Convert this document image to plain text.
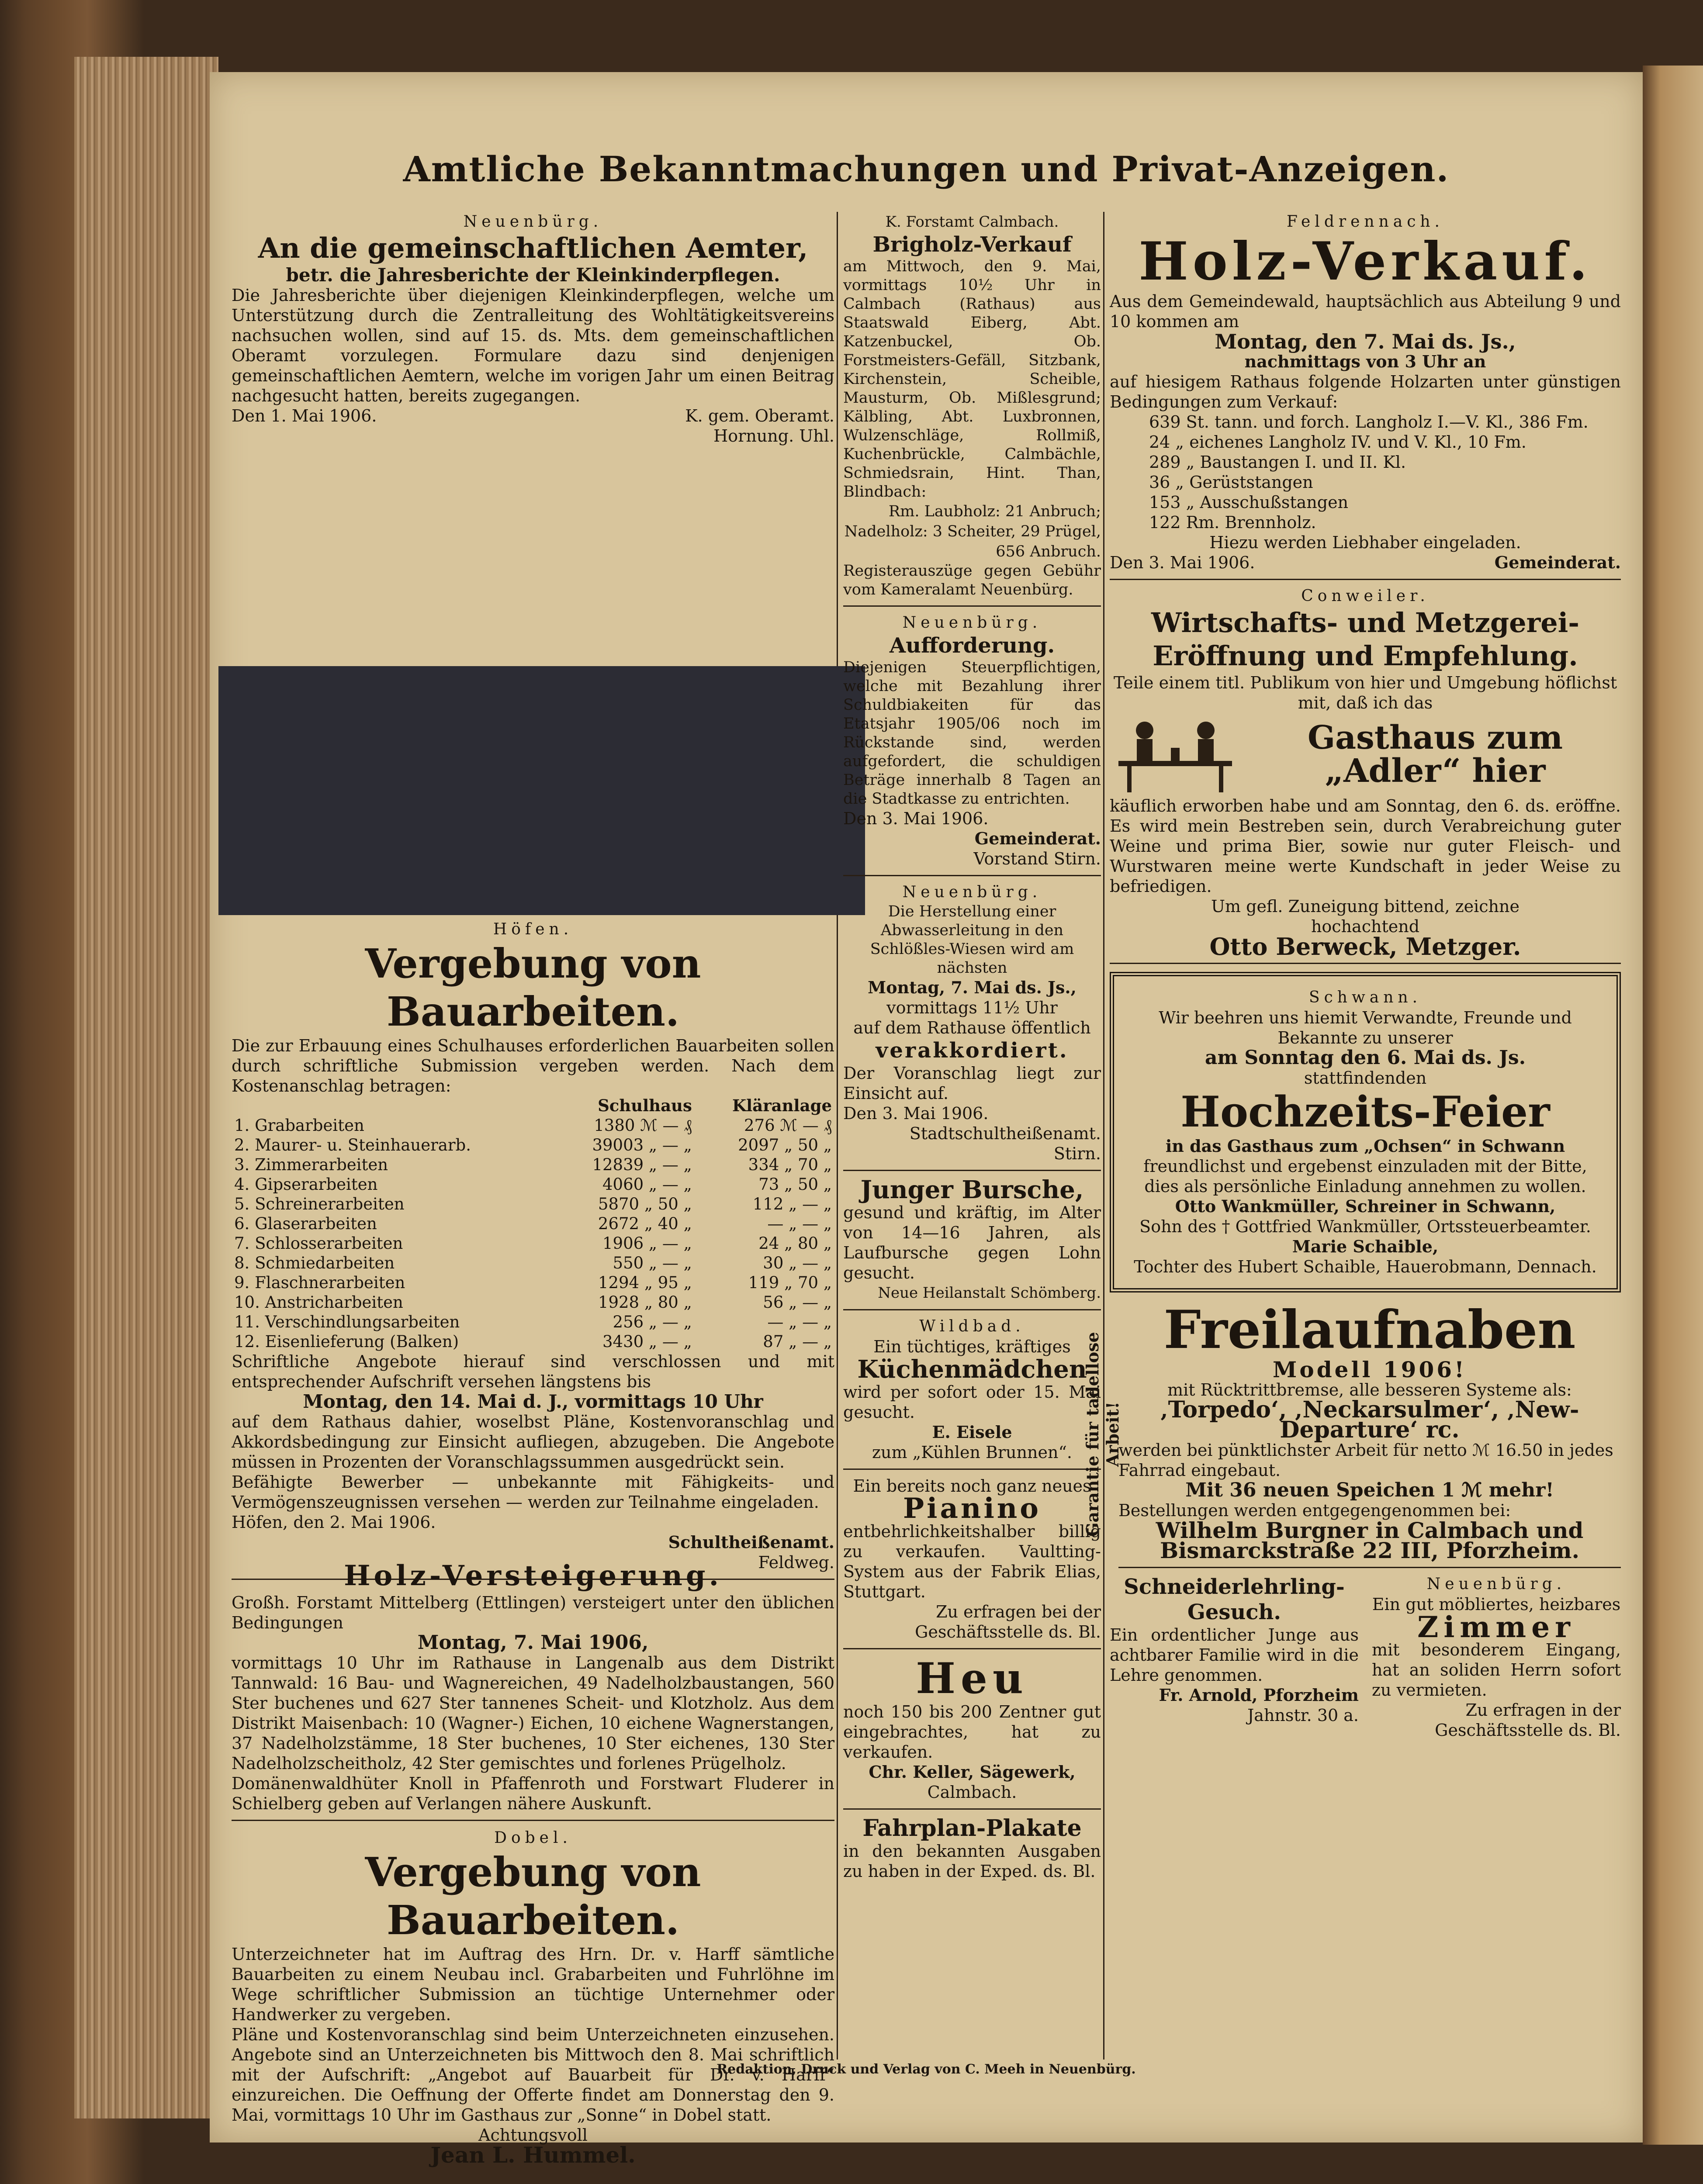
Amtliche Bekanntmachungen und Privat-Anzeigen.
Neuenbürg.
An die gemeinschaftlichen Aemter,
betr. die Jahresberichte der Kleinkinderpflegen.

Die Jahresberichte über diejenigen Kleinkinderpflegen, welche um Unterstützung durch die Zentralleitung des Wohltätigkeitsvereins nachsuchen wollen, sind auf 15. ds. Mts. dem gemeinschaftlichen Oberamt vorzulegen. Formulare dazu sind denjenigen gemeinschaftlichen Aemtern, welche im vorigen Jahr um einen Beitrag nachgesucht hatten, bereits zugegangen.

Den 1. Mai 1906.	K. gem. Oberamt.
Hornung. Uhl.
Höfen.
Vergebung von Bauarbeiten.

Die zur Erbauung eines Schulhauses erforderlichen Bauarbeiten sollen durch schriftliche Submission vergeben werden. Nach dem Kostenanschlag betragen:

	Schulhaus	Kläranlage
1. Grabarbeiten	1380 ℳ — ₰	276 ℳ — ₰
2. Maurer- u. Steinhauerarb.	39003 „ — „	2097 „ 50 „
3. Zimmerarbeiten	12839 „ — „	334 „ 70 „
4. Gipserarbeiten	4060 „ — „	73 „ 50 „
5. Schreinerarbeiten	5870 „ 50 „	112 „ — „
6. Glaserarbeiten	2672 „ 40 „	— „ — „
7. Schlosserarbeiten	1906 „ — „	24 „ 80 „
8. Schmiedarbeiten	550 „ — „	30 „ — „
9. Flaschnerarbeiten	1294 „ 95 „	119 „ 70 „
10. Anstricharbeiten	1928 „ 80 „	56 „ — „
11. Verschindlungsarbeiten	256 „ — „	— „ — „
12. Eisenlieferung (Balken)	3430 „ — „	87 „ — „

Schriftliche Angebote hierauf sind verschlossen und mit entsprechender Aufschrift versehen längstens bis

Montag, den 14. Mai d. J., vormittags 10 Uhr

auf dem Rathaus dahier, woselbst Pläne, Kostenvoranschlag und Akkordsbedingung zur Einsicht aufliegen, abzugeben. Die Angebote müssen in Prozenten der Voranschlagssummen ausgedrückt sein.

Befähigte Bewerber — unbekannte mit Fähigkeits- und Vermögenszeugnissen versehen — werden zur Teilnahme eingeladen.

Höfen, den 2. Mai 1906.
Schultheißenamt.
Feldweg.
Holz-Versteigerung.

Großh. Forstamt Mittelberg (Ettlingen) versteigert unter den üblichen Bedingungen

Montag, 7. Mai 1906,

vormittags 10 Uhr im Rathause in Langenalb aus dem Distrikt Tannwald: 16 Bau- und Wagnereichen, 49 Nadelholzbaustangen, 560 Ster buchenes und 627 Ster tannenes Scheit- und Klotzholz. Aus dem Distrikt Maisenbach: 10 (Wagner-) Eichen, 10 eichene Wagnerstangen, 37 Nadelholzstämme, 18 Ster buchenes, 10 Ster eichenes, 130 Ster Nadelholzscheitholz, 42 Ster gemischtes und forlenes Prügelholz.

Domänenwaldhüter Knoll in Pfaffenroth und Forstwart Fluderer in Schielberg geben auf Verlangen nähere Auskunft.

Dobel.
Vergebung von Bauarbeiten.

Unterzeichneter hat im Auftrag des Hrn. Dr. v. Harff sämtliche Bauarbeiten zu einem Neubau incl. Grabarbeiten und Fuhrlöhne im Wege schriftlicher Submission an tüchtige Unternehmer oder Handwerker zu vergeben.

Pläne und Kostenvoranschlag sind beim Unterzeichneten einzusehen. Angebote sind an Unterzeichneten bis Mittwoch den 8. Mai schriftlich mit der Aufschrift: „Angebot auf Bauarbeit für Dr. v. Harff“ einzureichen. Die Oeffnung der Offerte findet am Donnerstag den 9. Mai, vormittags 10 Uhr im Gasthaus zur „Sonne“ in Dobel statt.

Achtungsvoll
Jean L. Hummel.
K. Forstamt Calmbach.
Brigholz-Verkauf

am Mittwoch, den 9. Mai, vormittags 10½ Uhr in Calmbach (Rathaus) aus Staatswald Eiberg, Abt. Katzenbuckel, Ob. Forstmeisters-Gefäll, Sitzbank, Kirchenstein, Scheible, Mausturm, Ob. Mißlesgrund; Kälbling, Abt. Luxbronnen, Wulzenschläge, Rollmiß, Kuchenbrückle, Calmbächle, Schmiedsrain, Hint. Than, Blindbach:

Rm. Laubholz: 21 Anbruch;
Nadelholz: 3 Scheiter, 29 Prügel, 656 Anbruch.

Registerauszüge gegen Gebühr vom Kameralamt Neuenbürg.

Neuenbürg.
Aufforderung.

Diejenigen Steuerpflichtigen, welche mit Bezahlung ihrer Schuldbiakeiten für das Etatsjahr 1905/06 noch im Rückstande sind, werden aufgefordert, die schuldigen Beträge innerhalb 8 Tagen an die Stadtkasse zu entrichten.

Den 3. Mai 1906.
Gemeinderat.
Vorstand Stirn.
Neuenbürg.

Die Herstellung einer Abwasserleitung in den Schlößles-Wiesen wird am nächsten

Montag, 7. Mai ds. Js.,
vormittags 11½ Uhr
auf dem Rathause öffentlich
verakkordiert.

Der Voranschlag liegt zur Einsicht auf.

Den 3. Mai 1906.
Stadtschultheißenamt.
Stirn.
Junger Bursche,

gesund und kräftig, im Alter von 14—16 Jahren, als Laufbursche gegen Lohn gesucht.

Neue Heilanstalt Schömberg.
Wildbad.
Ein tüchtiges, kräftiges
Küchenmädchen

wird per sofort oder 15. Mai gesucht.

E. Eisele
zum „Kühlen Brunnen“.
Ein bereits noch ganz neues
Pianino

entbehrlichkeitshalber billig zu verkaufen. Vaultting-System aus der Fabrik Elias, Stuttgart.

Zu erfragen bei der Geschäftsstelle ds. Bl.

Heu

noch 150 bis 200 Zentner gut eingebrachtes, hat zu verkaufen.

Chr. Keller, Sägewerk,
Calmbach.
Fahrplan-Plakate

in den bekannten Ausgaben zu haben in der Exped. ds. Bl.

Feldrennach.
Holz-Verkauf.

Aus dem Gemeindewald, hauptsächlich aus Abteilung 9 und 10 kommen am

Montag, den 7. Mai ds. Js.,
nachmittags von 3 Uhr an

auf hiesigem Rathaus folgende Holzarten unter günstigen Bedingungen zum Verkauf:

639 St. tann. und forch. Langholz I.—V. Kl., 386 Fm.
24 „ eichenes Langholz IV. und V. Kl., 10 Fm.
289 „ Baustangen I. und II. Kl.
36 „ Gerüststangen
153 „ Ausschußstangen
122 Rm. Brennholz.
Hiezu werden Liebhaber eingeladen.
Den 3. Mai 1906.	Gemeinderat.
Conweiler.
Wirtschafts- und Metzgerei-Eröffnung und Empfehlung.

Teile einem titl. Publikum von hier und Umgebung höflichst mit, daß ich das

Gasthaus zum „Adler“ hier

käuflich erworben habe und am Sonntag, den 6. ds. eröffne. Es wird mein Bestreben sein, durch Verabreichung guter Weine und prima Bier, sowie nur guter Fleisch- und Wurstwaren meine werte Kundschaft in jeder Weise zu befriedigen.

Um gefl. Zuneigung bittend, zeichne
hochachtend
Otto Berweck, Metzger.
Schwann.

Wir beehren uns hiemit Verwandte, Freunde und Bekannte zu unserer

am Sonntag den 6. Mai ds. Js.
stattfindenden
Hochzeits-Feier
in das Gasthaus zum „Ochsen“ in Schwann

freundlichst und ergebenst einzuladen mit der Bitte, dies als persönliche Einladung annehmen zu wollen.

Otto Wankmüller, Schreiner in Schwann,
Sohn des † Gottfried Wankmüller, Ortssteuerbeamter.
Marie Schaible,
Tochter des Hubert Schaible, Hauerobmann, Dennach.
Garantie für tadellose Arbeit!
Freilaufnaben
Modell 1906!
mit Rücktrittbremse, alle besseren Systeme als:
‚Torpedo‘, ‚Neckarsulmer‘, ‚New-Departure‘ rc.

werden bei pünktlichster Arbeit für netto ℳ 16.50 in jedes Fahrrad eingebaut.

Mit 36 neuen Speichen 1 ℳ mehr!
Bestellungen werden entgegengenommen bei:
Wilhelm Burgner in Calmbach und
Bismarckstraße 22 III, Pforzheim.
Schneiderlehrling-Gesuch.

Ein ordentlicher Junge aus achtbarer Familie wird in die Lehre genommen.

Fr. Arnold, Pforzheim
Jahnstr. 30 a.
Neuenbürg.
Ein gut möbliertes, heizbares
Zimmer

mit besonderem Eingang, hat an soliden Herrn sofort zu vermieten.

Zu erfragen in der Geschäftsstelle ds. Bl.

Redaktion, Druck und Verlag von C. Meeh in Neuenbürg.
